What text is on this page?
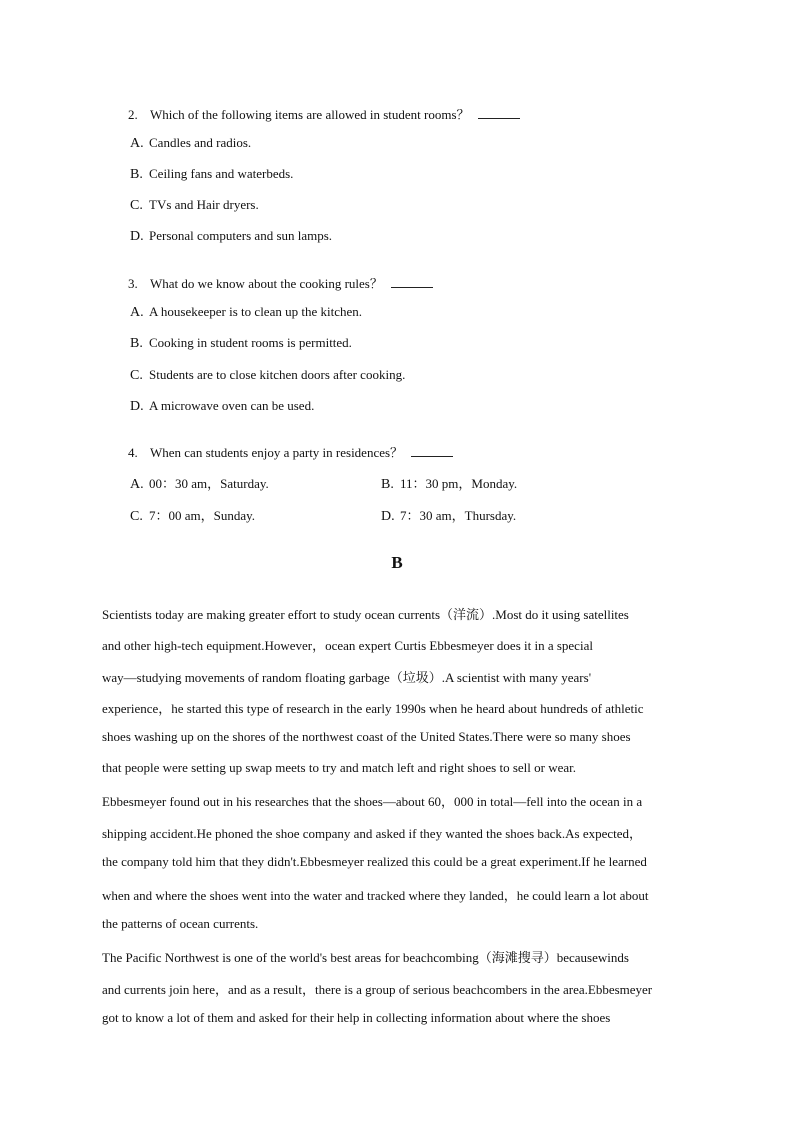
2. Which of the following items are allowed in student rooms？
A. Candles and radios.
B. Ceiling fans and waterbeds.
C. TVs and Hair dryers.
D. Personal computers and sun lamps.
3. What do we know about the cooking rules？
A. A housekeeper is to clean up the kitchen.
B. Cooking in student rooms is permitted.
C. Students are to close kitchen doors after cooking.
D. A microwave oven can be used.
4. When can students enjoy a party in residences？
A. 00：30 am，Saturday.	B. 11：30 pm，Monday.
C. 7：00 am，Sunday.	D. 7：30 am，Thursday.
B
Scientists today are making greater effort to study ocean currents（洋流）.Most do it using satellites
and other high-tech equipment.However，ocean expert Curtis Ebbesmeyer does it in a special
way—studying movements of random floating garbage（垃圾）.A scientist with many years'
experience，he started this type of research in the early 1990s when he heard about hundreds of athletic
shoes washing up on the shores of the northwest coast of the United States.There were so many shoes
that people were setting up swap meets to try and match left and right shoes to sell or wear.
Ebbesmeyer found out in his researches that the shoes—about 60，000 in total—fell into the ocean in a
shipping accident.He phoned the shoe company and asked if they wanted the shoes back.As expected，
the company told him that they didn't.Ebbesmeyer realized this could be a great experiment.If he learned
when and where the shoes went into the water and tracked where they landed，he could learn a lot about
the patterns of ocean currents.
The Pacific Northwest is one of the world's best areas for beachcombing（海滩搜寻）becausewinds
and currents join here，and as a result，there is a group of serious beachcombers in the area.Ebbesmeyer
got to know a lot of them and asked for their help in collecting information about where the shoes
